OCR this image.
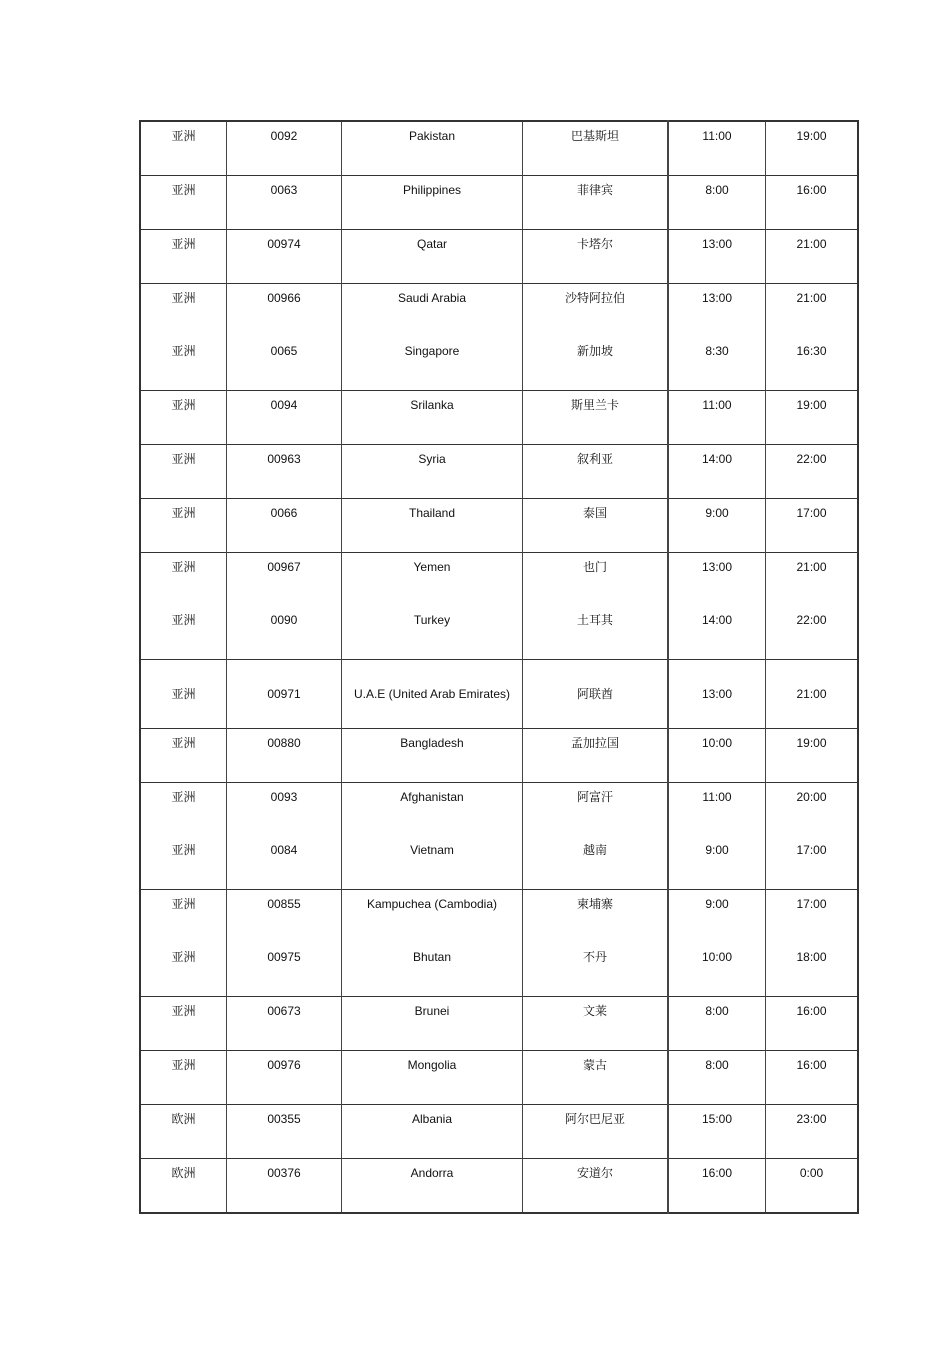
亚洲	0092	Pakistan	巴基斯坦	11:00	19:00
亚洲	0063	Philippines	菲律宾	8:00	16:00
亚洲	00974	Qatar	卡塔尔	13:00	21:00
亚洲	00966	Saudi Arabia	沙特阿拉伯	13:00	21:00
亚洲	0065	Singapore	新加坡	8:30	16:30
亚洲	0094	Srilanka	斯里兰卡	11:00	19:00
亚洲	00963	Syria	叙利亚	14:00	22:00
亚洲	0066	Thailand	泰国	9:00	17:00
亚洲	00967	Yemen	也门	13:00	21:00
亚洲	0090	Turkey	土耳其	14:00	22:00
亚洲	00971	U.A.E (United Arab Emirates)	阿联酋	13:00	21:00
亚洲	00880	Bangladesh	孟加拉国	10:00	19:00
亚洲	0093	Afghanistan	阿富汗	11:00	20:00
亚洲	0084	Vietnam	越南	9:00	17:00
亚洲	00855	Kampuchea (Cambodia)	柬埔寨	9:00	17:00
亚洲	00975	Bhutan	不丹	10:00	18:00
亚洲	00673	Brunei	文莱	8:00	16:00
亚洲	00976	Mongolia	蒙古	8:00	16:00
欧洲	00355	Albania	阿尔巴尼亚	15:00	23:00
欧洲	00376	Andorra	安道尔	16:00	0:00
